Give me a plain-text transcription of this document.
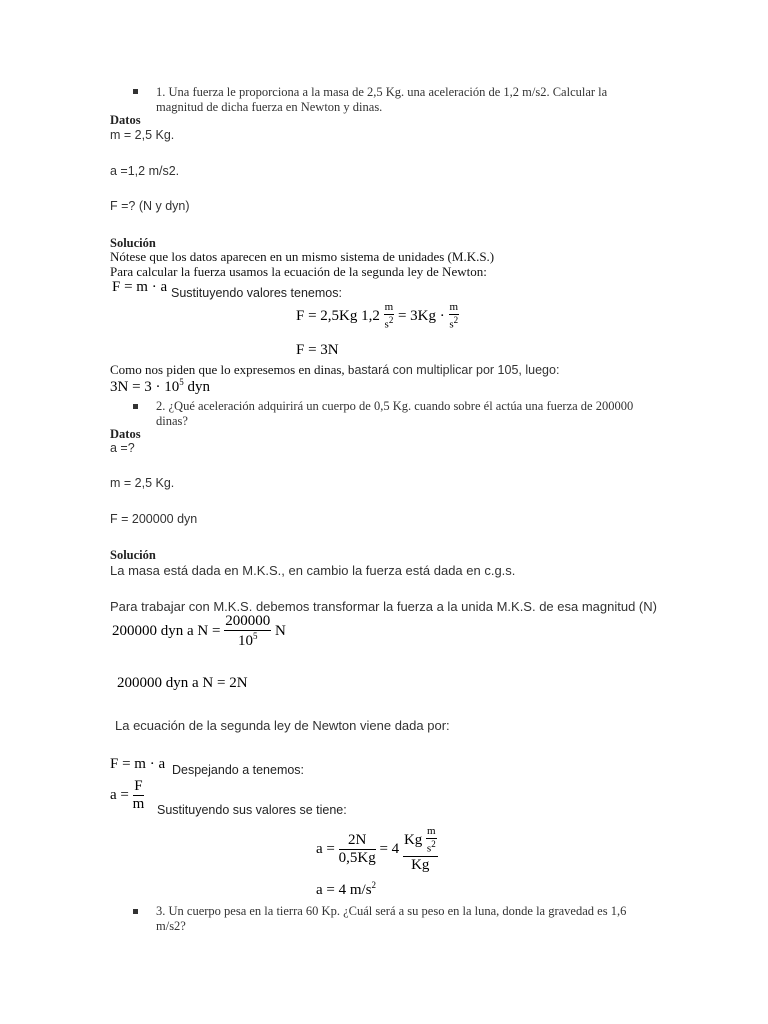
1. Una fuerza le proporciona a la masa de 2,5 Kg. una aceleración de 1,2 m/s2. Calcular la
magnitud de dicha fuerza en Newton y dinas.
Datos
m = 2,5 Kg.
a =1,2 m/s2.
F =? (N y dyn)
Solución
Nótese que los datos aparecen en un mismo sistema de unidades (M.K.S.)
Para calcular la fuerza usamos la ecuación de la segunda ley de Newton:
F = m · a Sustituyendo valores tenemos:
F = 2,5Kg $1,2 \frac{m}{s^2} = 3Kg \cdot \frac{m}{s^2}$
F = 3N
Como nos piden que lo expresemos en dinas, bastará con multiplicar por 105, luego:
$3N = 3 \cdot 10^5$ dyn
2. ¿Qué aceleración adquirirá un cuerpo de 0,5 Kg. cuando sobre él actúa una fuerza de 200000
dinas?
Datos
a =?
m = 2,5 Kg.
F = 200000 dyn
Solución
La masa está dada en M.K.S., en cambio la fuerza está dada en c.g.s.
Para trabajar con M.K.S. debemos transformar la fuerza a la unida M.K.S. de esa magnitud (N)
200000 dyn a $N = \frac{200000}{10^5}$ N
200000 dyn a N = 2N
La ecuación de la segunda ley de Newton viene dada por:
F = m · a Despejando a tenemos:
$a = \frac{F}{m}$ Sustituyendo sus valores se tiene:
$a = \frac{2N}{0,5Kg} = 4 \frac{Kg \frac{m}{s^2}}{Kg}$
a = 4 $m/s^2$
3. Un cuerpo pesa en la tierra 60 Kp. ¿Cuál será a su peso en la luna, donde la gravedad es 1,6
m/s2?
